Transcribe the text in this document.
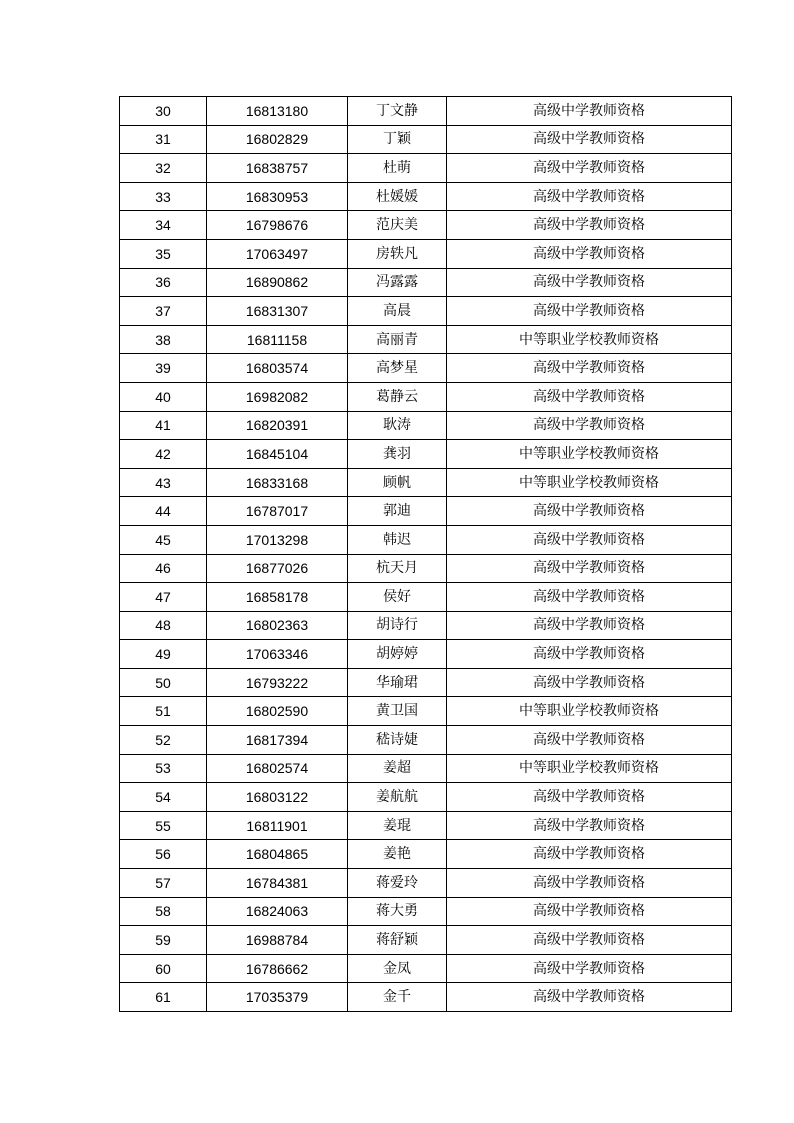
30	16813180	丁文静	高级中学教师资格
31	16802829	丁颖	高级中学教师资格
32	16838757	杜萌	高级中学教师资格
33	16830953	杜媛媛	高级中学教师资格
34	16798676	范庆美	高级中学教师资格
35	17063497	房轶凡	高级中学教师资格
36	16890862	冯露露	高级中学教师资格
37	16831307	高晨	高级中学教师资格
38	16811158	高丽青	中等职业学校教师资格
39	16803574	高梦星	高级中学教师资格
40	16982082	葛静云	高级中学教师资格
41	16820391	耿涛	高级中学教师资格
42	16845104	龚羽	中等职业学校教师资格
43	16833168	顾帆	中等职业学校教师资格
44	16787017	郭迪	高级中学教师资格
45	17013298	韩迟	高级中学教师资格
46	16877026	杭天月	高级中学教师资格
47	16858178	侯好	高级中学教师资格
48	16802363	胡诗行	高级中学教师资格
49	17063346	胡婷婷	高级中学教师资格
50	16793222	华瑜珺	高级中学教师资格
51	16802590	黄卫国	中等职业学校教师资格
52	16817394	嵇诗婕	高级中学教师资格
53	16802574	姜超	中等职业学校教师资格
54	16803122	姜航航	高级中学教师资格
55	16811901	姜琨	高级中学教师资格
56	16804865	姜艳	高级中学教师资格
57	16784381	蒋爱玲	高级中学教师资格
58	16824063	蒋大勇	高级中学教师资格
59	16988784	蒋舒颖	高级中学教师资格
60	16786662	金凤	高级中学教师资格
61	17035379	金千	高级中学教师资格
